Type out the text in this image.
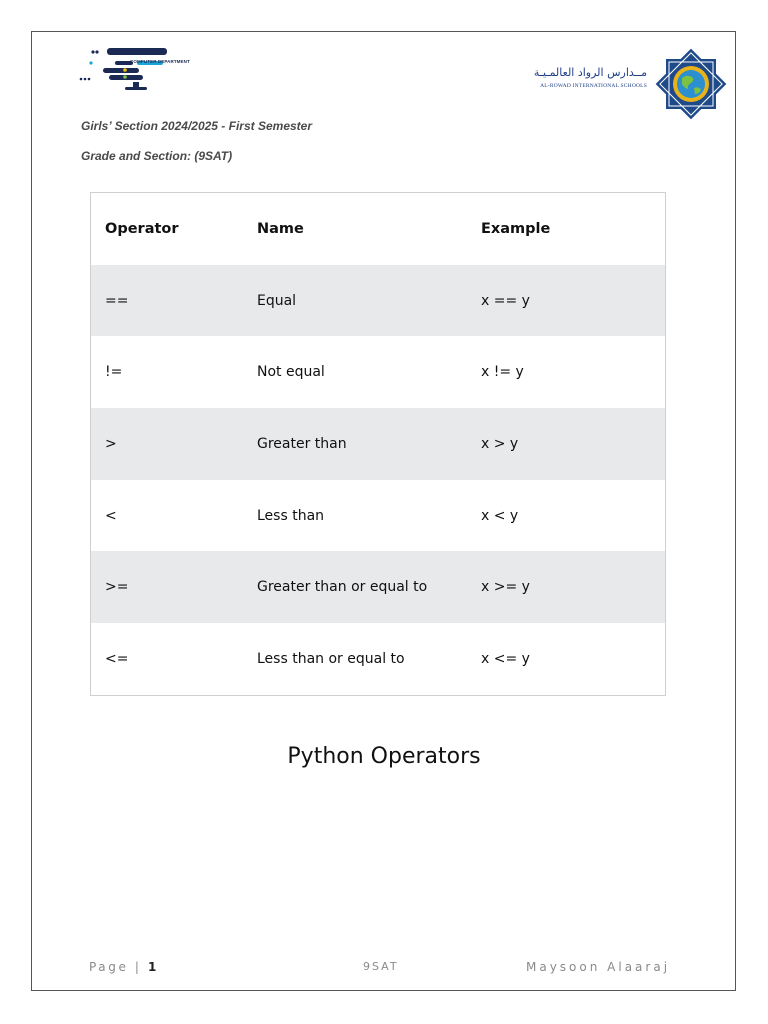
COMPUTER DEPARTMENT
مــدارس الرواد العالمـيـة
AL-ROWAD INTERNATIONAL SCHOOLS
Girls’ Section 2024/2025 - First Semester
Grade and Section: (9SAT)
Operator	Name	Example
==	Equal	x == y
!=	Not equal	x != y
>	Greater than	x > y
<	Less than	x < y
>=	Greater than or equal to	x >= y
<=	Less than or equal to	x <= y
Python Operators
Page | 1	9SAT	Maysoon Alaaraj
